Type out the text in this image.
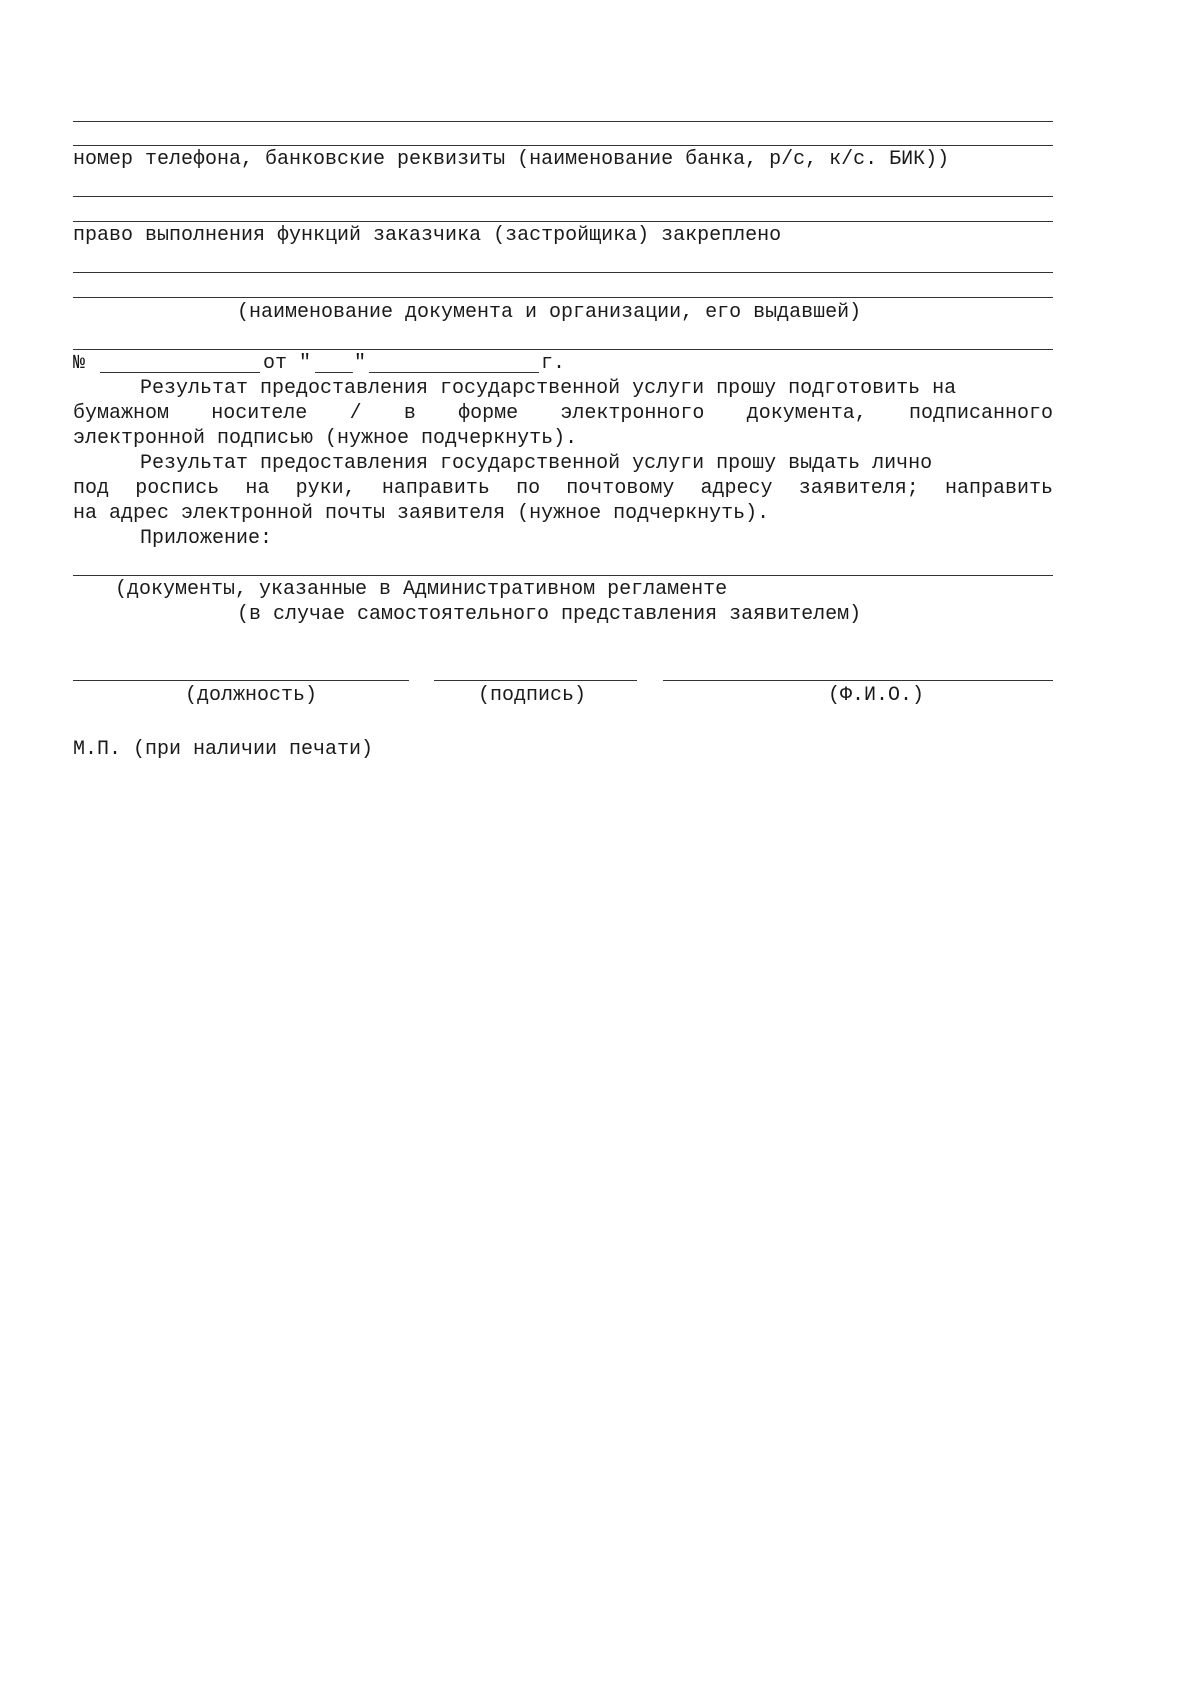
номер телефона, банковские реквизиты (наименование банка, р/с, к/с. БИК))
право выполнения функций заказчика (застройщика) закреплено
(наименование документа и организации, его выдавшей)
№	от " "	г.
Результат предоставления государственной услуги прошу подготовить на
бумажном носителе / в форме электронного документа, подписанного
электронной подписью (нужное подчеркнуть).
Результат предоставления государственной услуги прошу выдать лично
под роспись на руки, направить по почтовому адресу заявителя; направить
на адрес электронной почты заявителя (нужное подчеркнуть).
Приложение:
(документы, указанные в Административном регламенте
(в случае самостоятельного представления заявителем)
(должность)	(подпись)	(Ф.И.О.)
М.П. (при наличии печати)
